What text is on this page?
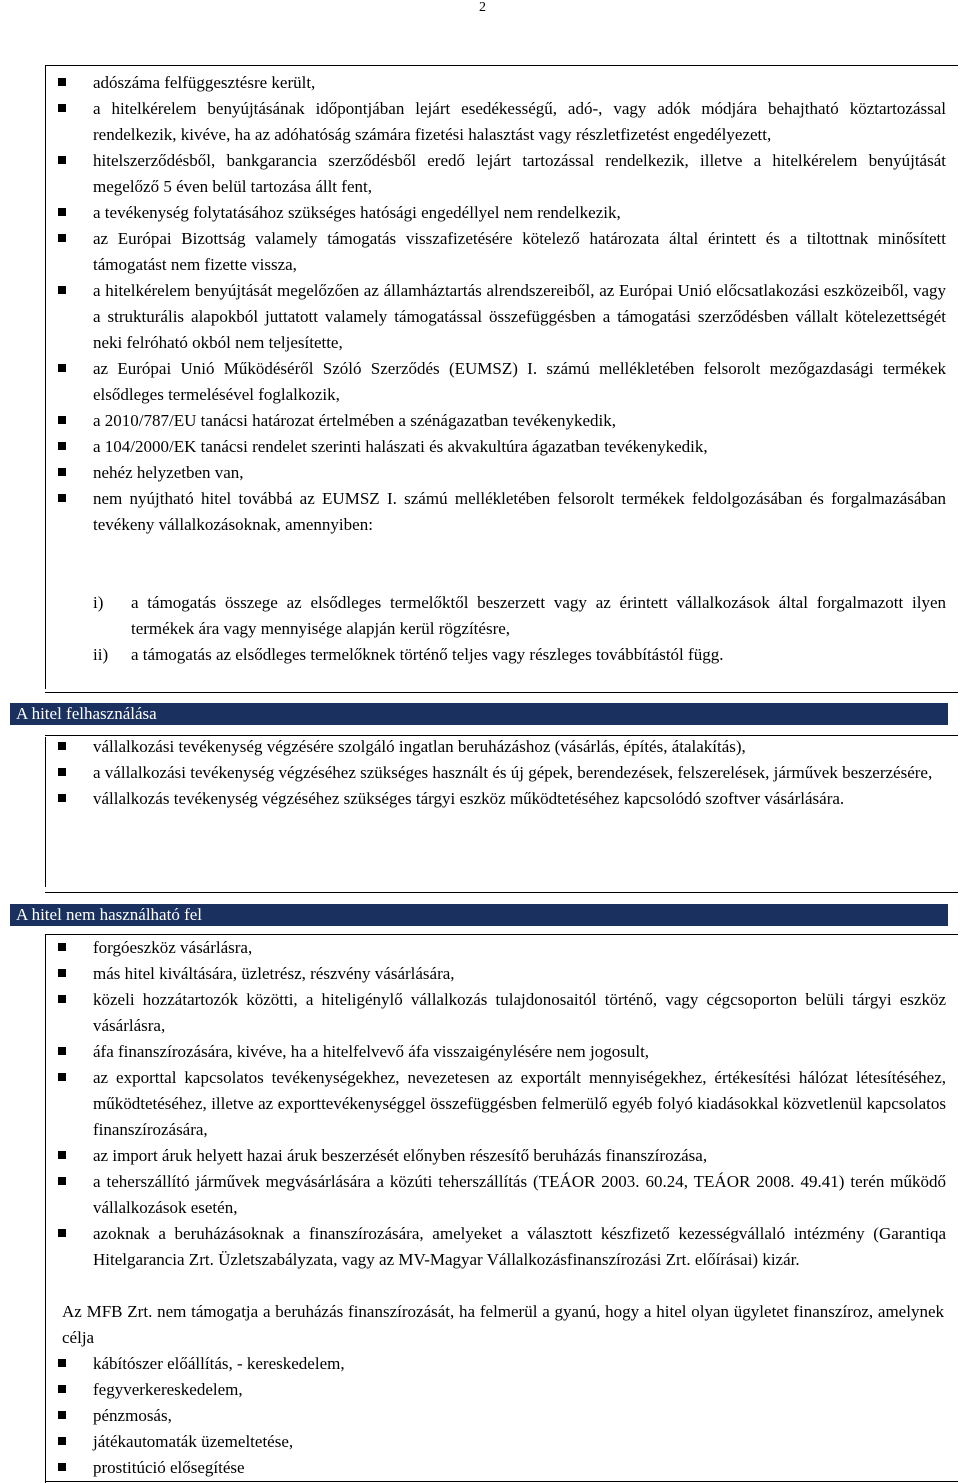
2
adószáma felfüggesztésre került,
a hitelkérelem benyújtásának időpontjában lejárt esedékességű, adó-, vagy adók módjára behajtható köztartozással rendelkezik, kivéve, ha az adóhatóság számára fizetési halasztást vagy részletfizetést engedélyezett,
hitelszerződésből, bankgarancia szerződésből eredő lejárt tartozással rendelkezik, illetve a hitelkérelem benyújtását megelőző 5 éven belül tartozása állt fent,
a tevékenység folytatásához szükséges hatósági engedéllyel nem rendelkezik,
az Európai Bizottság valamely támogatás visszafizetésére kötelező határozata által érintett és a tiltottnak minősített támogatást nem fizette vissza,
a hitelkérelem benyújtását megelőzően az államháztartás alrendszereiből, az Európai Unió előcsatlakozási eszközeiből, vagy a strukturális alapokból juttatott valamely támogatással összefüggésben a támogatási szerződésben vállalt kötelezettségét neki felróható okból nem teljesítette,
az Európai Unió Működéséről Szóló Szerződés (EUMSZ) I. számú mellékletében felsorolt mezőgazdasági termékek elsődleges termelésével foglalkozik,
a 2010/787/EU tanácsi határozat értelmében a szénágazatban tevékenykedik,
a 104/2000/EK tanácsi rendelet szerinti halászati és akvakultúra ágazatban tevékenykedik,
nehéz helyzetben van,
nem nyújtható hitel továbbá az EUMSZ I. számú mellékletében felsorolt termékek feldolgozásában és forgalmazásában tevékeny vállalkozásoknak, amennyiben:
i) a támogatás összege az elsődleges termelőktől beszerzett vagy az érintett vállalkozások által forgalmazott ilyen termékek ára vagy mennyisége alapján kerül rögzítésre,
ii) a támogatás az elsődleges termelőknek történő teljes vagy részleges továbbítástól függ.
A hitel felhasználása
vállalkozási tevékenység végzésére szolgáló ingatlan beruházáshoz (vásárlás, építés, átalakítás),
a vállalkozási tevékenység végzéséhez szükséges használt és új gépek, berendezések, felszerelések, járművek beszerzésére,
vállalkozás tevékenység végzéséhez szükséges tárgyi eszköz működtetéséhez kapcsolódó szoftver vásárlására.
A hitel nem használható fel
forgóeszköz vásárlásra,
más hitel kiváltására, üzletrész, részvény vásárlására,
közeli hozzátartozók közötti, a hiteligénylő vállalkozás tulajdonosaitól történő, vagy cégcsoporton belüli tárgyi eszköz vásárlásra,
áfa finanszírozására, kivéve, ha a hitelfelvevő áfa visszaigénylésére nem jogosult,
az exporttal kapcsolatos tevékenységekhez, nevezetesen az exportált mennyiségekhez, értékesítési hálózat létesítéséhez, működtetéséhez, illetve az exporttevékenységgel összefüggésben felmerülő egyéb folyó kiadásokkal közvetlenül kapcsolatos finanszírozására,
az import áruk helyett hazai áruk beszerzését előnyben részesítő beruházás finanszírozása,
a teherszállító járművek megvásárlására a közúti teherszállítás (TEÁOR 2003. 60.24, TEÁOR 2008. 49.41) terén működő vállalkozások esetén,
azoknak a beruházásoknak a finanszírozására, amelyeket a választott készfizető kezességvállaló intézmény (Garantiqa Hitelgarancia Zrt. Üzletszabályzata, vagy az MV-Magyar Vállalkozásfinanszírozási Zrt. előírásai) kizár.
Az MFB Zrt. nem támogatja a beruházás finanszírozását, ha felmerül a gyanú, hogy a hitel olyan ügyletet finanszíroz, amelynek célja
kábítószer előállítás, - kereskedelem,
fegyverkereskedelem,
pénzmosás,
játékautomaták üzemeltetése,
prostitúció elősegítése
